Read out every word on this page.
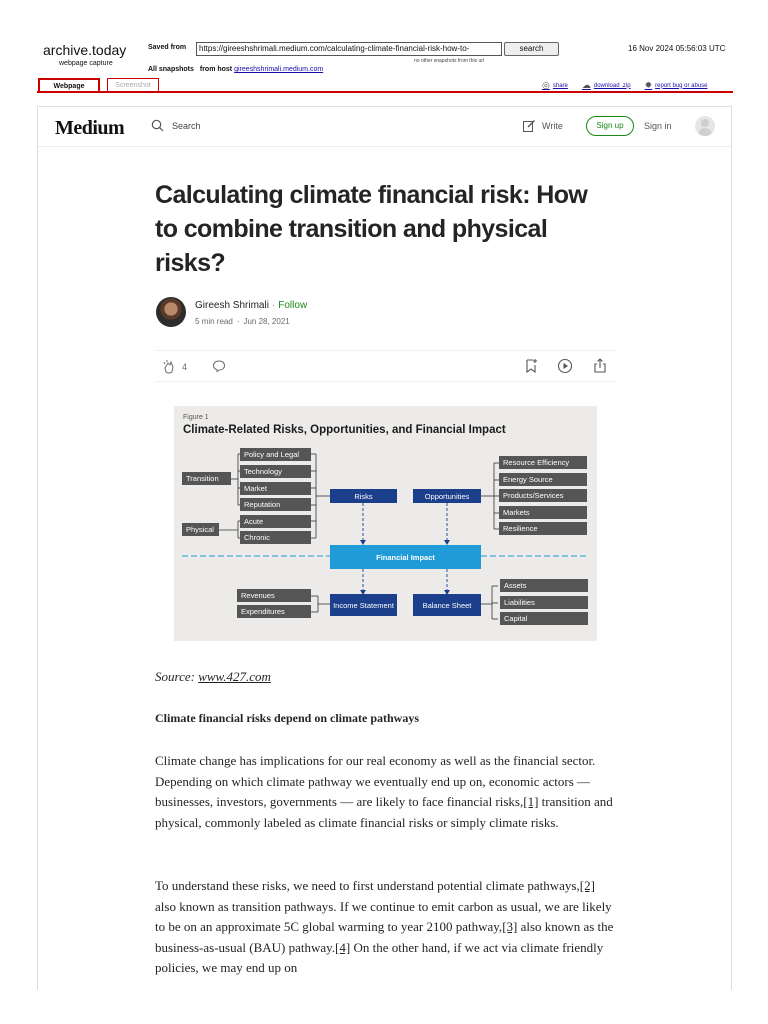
archive.today
webpage capture
Saved from	https://gireeshshrimali.medium.com/calculating-climate-financial-risk-how-to-	search	16 Nov 2024 05:56:03 UTC
no other snapshots from this url
All snapshots from host gireeshshrimali.medium.com
Webpage	Screenshot	◎ share ☁ download .zip ✹ report bug or abuse
Medium	Search	Write	Sign up	Sign in
Calculating climate financial risk: How to combine transition and physical risks?
Gireesh Shrimali · Follow
5 min read · Jun 28, 2021
4
Figure 1
Climate-Related Risks, Opportunities, and Financial Impact
Transition
Physical
Policy and Legal
Technology
Market
Reputation
Acute
Chronic
Risks	Opportunities
Resource Efficiency
Energy Source
Products/Services
Markets
Resilience
Financial Impact
Income Statement	Balance Sheet
Revenues
Expenditures
Assets
Liabilities
Capital
Source: www.427.com
Climate financial risks depend on climate pathways

Climate change has implications for our real economy as well as the financial sector. Depending on which climate pathway we eventually end up on, economic actors — businesses, investors, governments — are likely to face financial risks,[1] transition and physical, commonly labeled as climate financial risks or simply climate risks.

To understand these risks, we need to first understand potential climate pathways,[2] also known as transition pathways. If we continue to emit carbon as usual, we are likely to be on an approximate 5C global warming to year 2100 pathway,[3] also known as the business-as-usual (BAU) pathway.[4] On the other hand, if we act via climate friendly policies, we may end up on
